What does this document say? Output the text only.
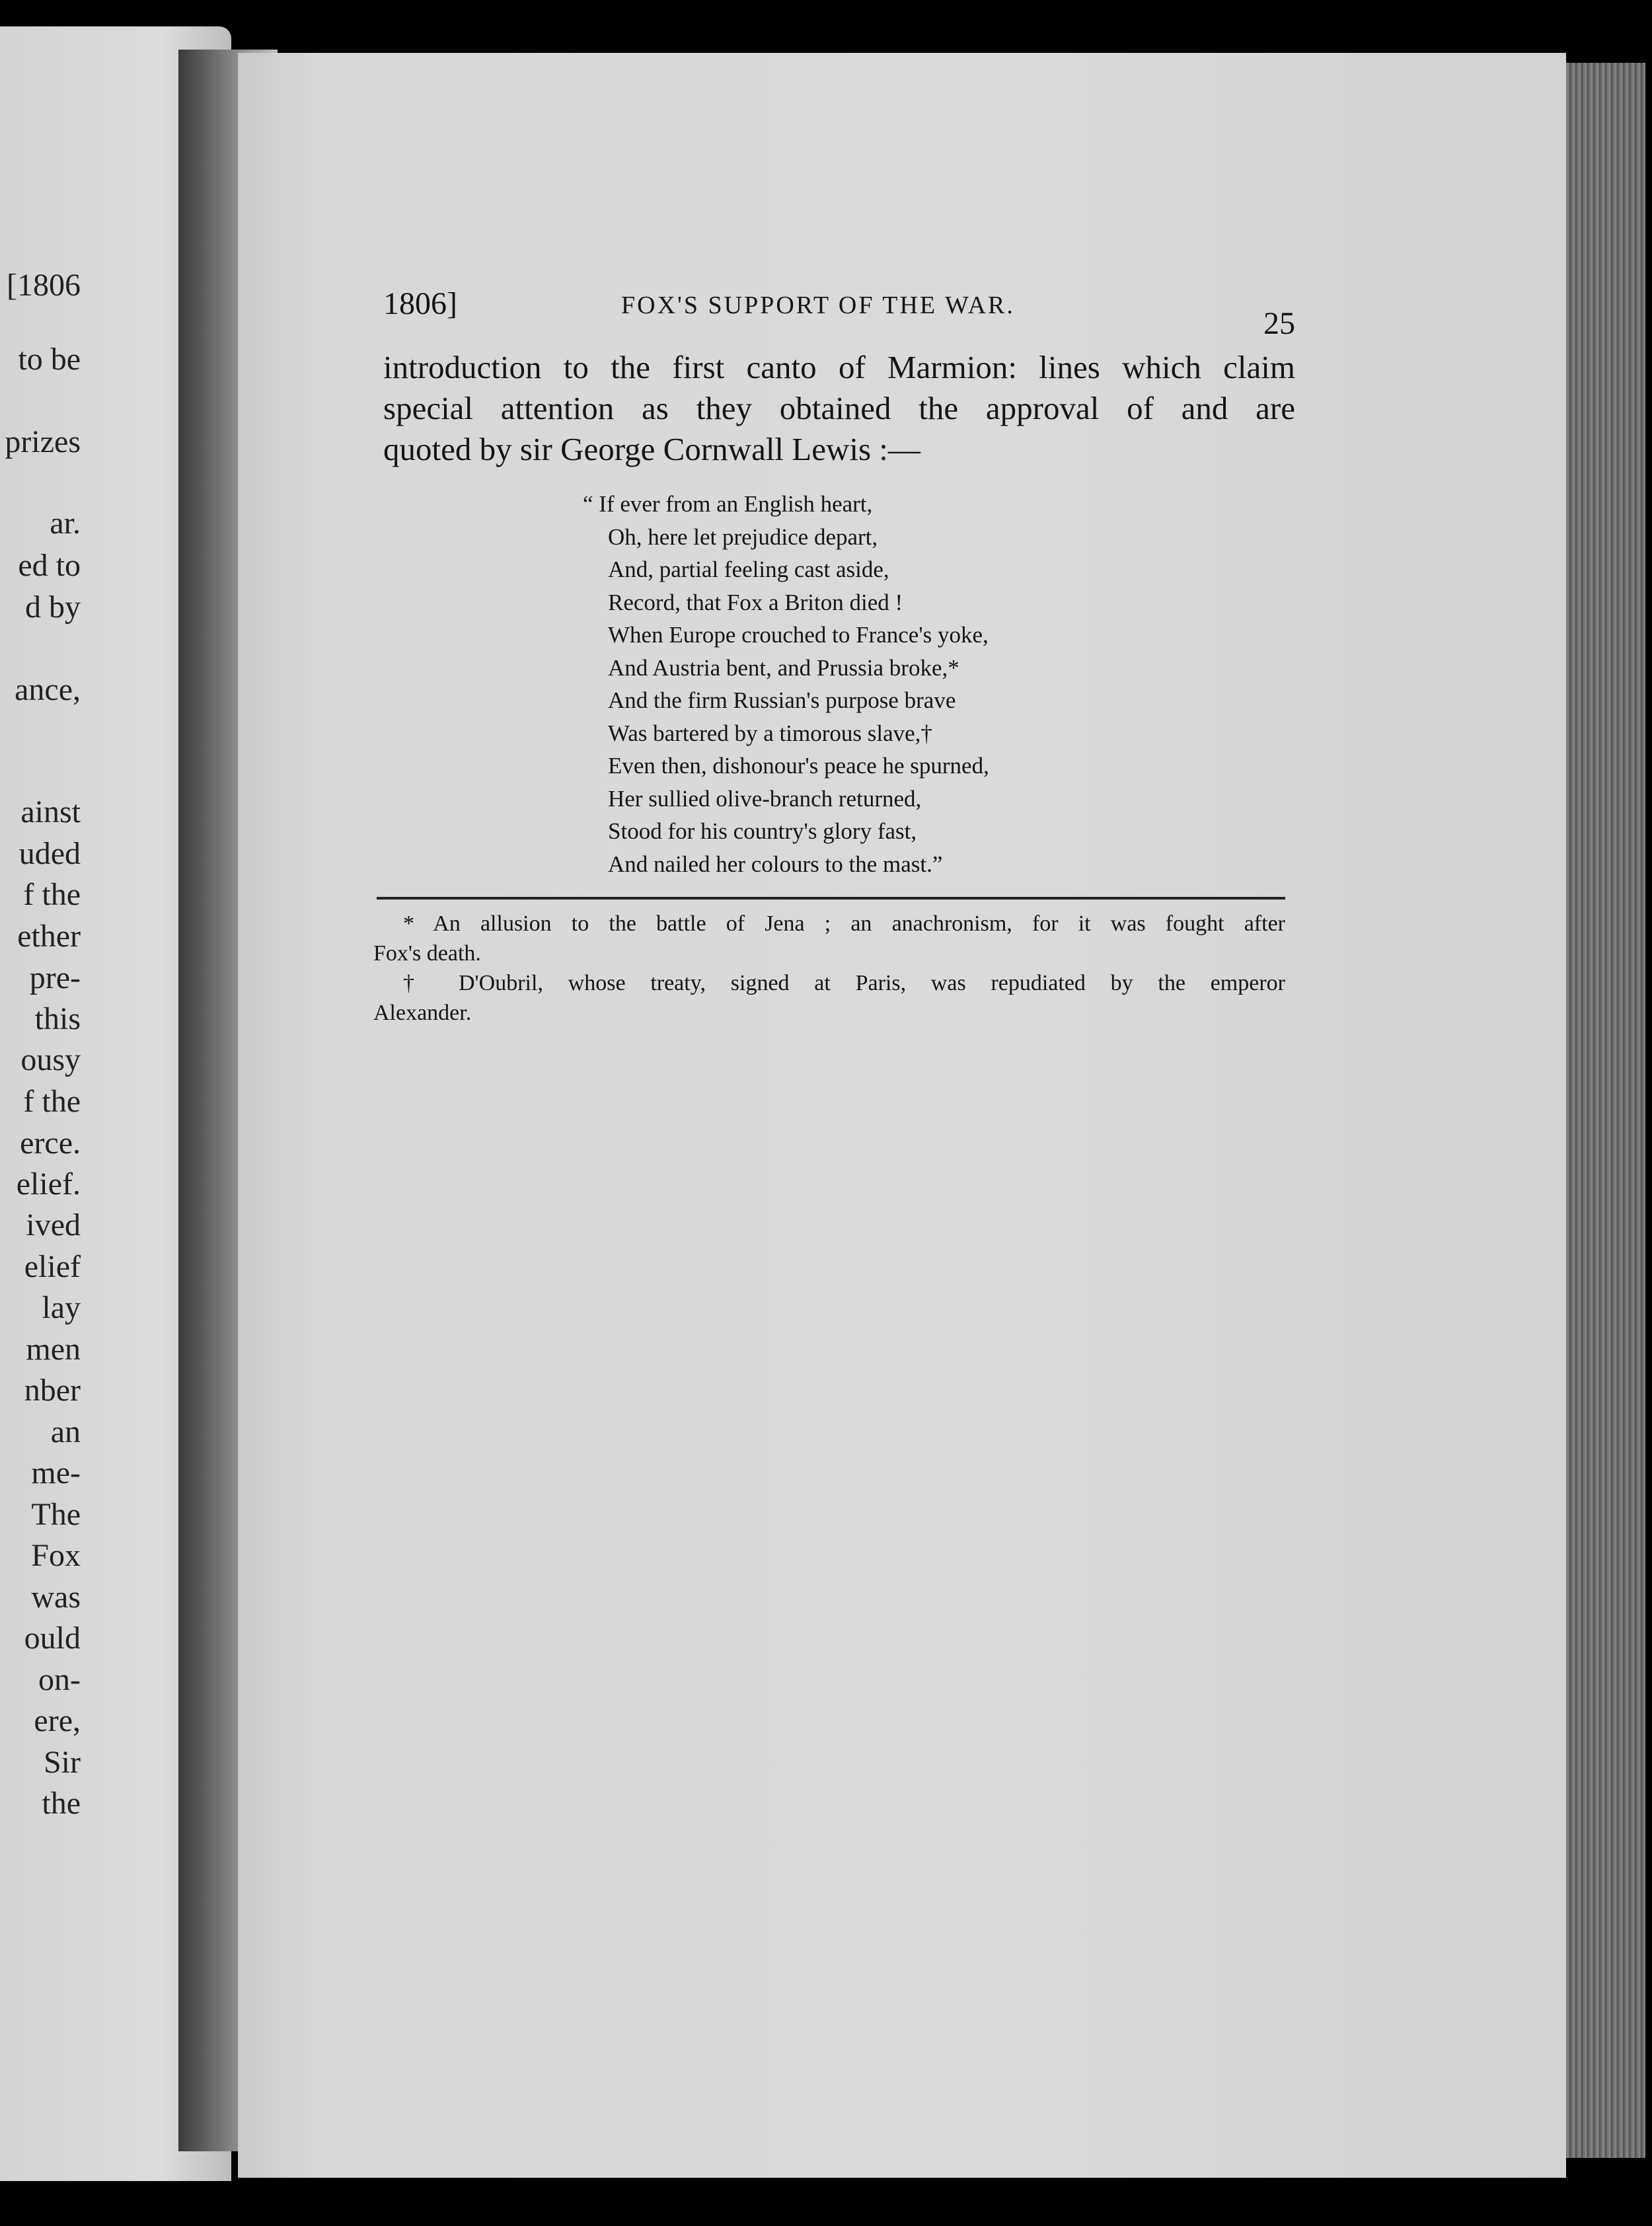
[1806
to be
prizes
ar.
ed to
d by
ance,
ainst
uded
f the
ether
pre-
this
ousy
f the
erce.
elief.
ived
elief
lay
men
nber
an
me-
The
Fox
was
ould
on-
ere,
Sir
the
1806]	FOX'S SUPPORT OF THE WAR.
25
introduction to the first canto of Marmion: lines which claim
special attention as they obtained the approval of and are
quoted by sir George Cornwall Lewis :—
“ If ever from an English heart,
Oh, here let prejudice depart,
And, partial feeling cast aside,
Record, that Fox a Briton died !
When Europe crouched to France's yoke,
And Austria bent, and Prussia broke,*
And the firm Russian's purpose brave
Was bartered by a timorous slave,†
Even then, dishonour's peace he spurned,
Her sullied olive-branch returned,
Stood for his country's glory fast,
And nailed her colours to the mast.”
* An allusion to the battle of Jena ; an anachronism, for it was fought after
Fox's death.
† D'Oubril, whose treaty, signed at Paris, was repudiated by the emperor
Alexander.
